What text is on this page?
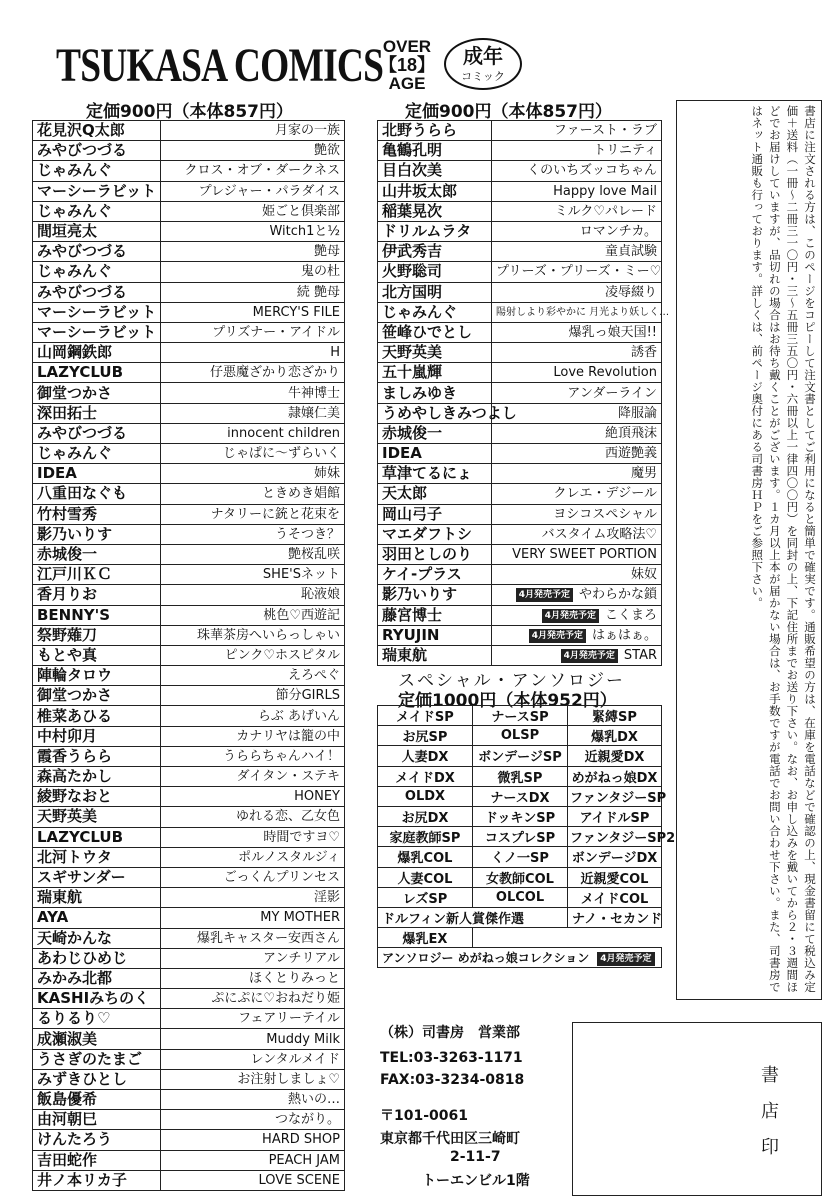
TSUKASA COMICS OVER
【18】
AGE
成年
コミック
定価900円（本体857円）	定価900円（本体857円）
花見沢Q太郎	月家の一族
みやびつづる	艶欲
じゃみんぐ	クロス・オブ・ダークネス
マーシーラビット	プレジャー・パラダイス
じゃみんぐ	姫ごと倶楽部
間垣亮太	Witch1と½
みやびつづる	艶母
じゃみんぐ	鬼の杜
みやびつづる	続 艶母
マーシーラビット	MERCY'S FILE
マーシーラビット	プリズナー・アイドル
山岡鋼鉄郎	H
LAZYCLUB	仔悪魔ざかり恋ざかり
御堂つかさ	牛神博士
深田拓士	隷嬢仁美
みやびつづる	innocent children
じゃみんぐ	じゃぱに〜ずらいく
IDEA	姉妹
八重田なぐも	ときめき娼館
竹村雪秀	ナタリーに銃と花束を
影乃いりす	うそつき？
赤城俊一	艶桜乱咲
江戸川ＫＣ	SHE'Sネット
香月りお	恥液娘
BENNY'S	桃色♡西遊記
祭野薙刀	珠華茶房へいらっしゃい
もとや真	ピンク♡ホスピタル
陣輪タロウ	えろぺぐ
御堂つかさ	節分GIRLS
椎菜あひる	らぶ あげいん
中村卯月	カナリヤは籠の中
霞香うらら	うららちゃんハイ！
森高たかし	ダイタン・ステキ
綾野なおと	HONEY
天野英美	ゆれる恋、乙女色
LAZYCLUB	時間ですヨ♡
北河トウタ	ポルノスタルジィ
スギサンダー	ごっくんプリンセス
瑞東航	淫影
AYA	MY MOTHER
天崎かんな	爆乳キャスター安西さん
あわじひめじ	アンチリアル
みかみ北都	ほくとりみっと
KASHIみちのく	ぷにぷに♡おねだり姫
るりるり♡	フェアリーテイル
成瀬淑美	Muddy Milk
うさぎのたまご	レンタルメイド
みずきひとし	お注射しましょ♡
飯島優希	熱いの…
由河朝巳	つながり。
けんたろう	HARD SHOP
吉田蛇作	PEACH JAM
井ノ本リカ子	LOVE SCENE
北野うらら	ファースト・ラブ
亀鶴孔明	トリニティ
目白次美	くのいちズッコちゃん
山井坂太郎	Happy love Mail
稲葉晃次	ミルク♡パレード
ドリルムラタ	ロマンチカ。
伊武秀吉	童貞試験
火野聡司	プリーズ・プリーズ・ミー♡
北方国明	凌辱綴り
じゃみんぐ	陽射しより彩やかに 月光より妖しく…
笹峰ひでとし	爆乳っ娘天国!!
天野英美	誘香
五十嵐輝	Love Revolution
ましみゆき	アンダーライン
うめやしきみつよし	降服論
赤城俊一	絶頂飛沫
IDEA	西遊艶義
草津てるにょ	魔男
天太郎	クレエ・デジール
岡山弓子	ヨシコスペシャル
マエダフトシ	バスタイム攻略法♡
羽田としのり	VERY SWEET PORTION
ケイ-プラス	妹奴
影乃いりす	4月発売予定 やわらかな鎖
藤宮博士	4月発売予定 こくまろ
RYUJIN	4月発売予定 はぁはぁ。
瑞東航	4月発売予定 STAR
スペシャル・アンソロジー
定価1000円（本体952円）
メイドSP	ナースSP	緊縛SP
お尻SP	OLSP	爆乳DX
人妻DX	ボンデージSP	近親愛DX
メイドDX	微乳SP	めがねっ娘DX
OLDX	ナースDX	ファンタジーSP
お尻DX	ドッキンSP	アイドルSP
家庭教師SP	コスプレSP	ファンタジーSP2
爆乳COL	くノ一SP	ボンデージDX
人妻COL	女教師COL	近親愛COL
レズSP	OLCOL	メイドCOL
ドルフィン新人賞傑作選		ナノ・セカンド
爆乳EX		
アンソロジー めがねっ娘コレクション 4月発売予定			書店に注文される方は、このページをコピーして注文書としてご利用になると簡単で確実です。通販希望の方は、在庫を電話などで確認の上、現金書留にて税込み定価＋送料（一冊〜二冊三一〇円・三〜五冊三五〇円・六冊以上一律四〇〇円）を同封の上、下記住所までお送り下さい。なお、お申し込みを戴いてから２・３週間ほどでお届けしていますが、品切れの場合はお待ち戴くことがございます。１カ月以上本が届かない場合は、お手数ですが電話でお問い合わせ下さい。また、司書房ではネット通販も行っております。詳しくは、前ページ奥付にある司書房ＨＰをご参照下さい。
（株）司書房　営業部
TEL:03-3263-1171
FAX:03-3234-0818
〒101-0061
東京都千代田区三崎町
2-11-7
トーエンビル1階
書
店
印
